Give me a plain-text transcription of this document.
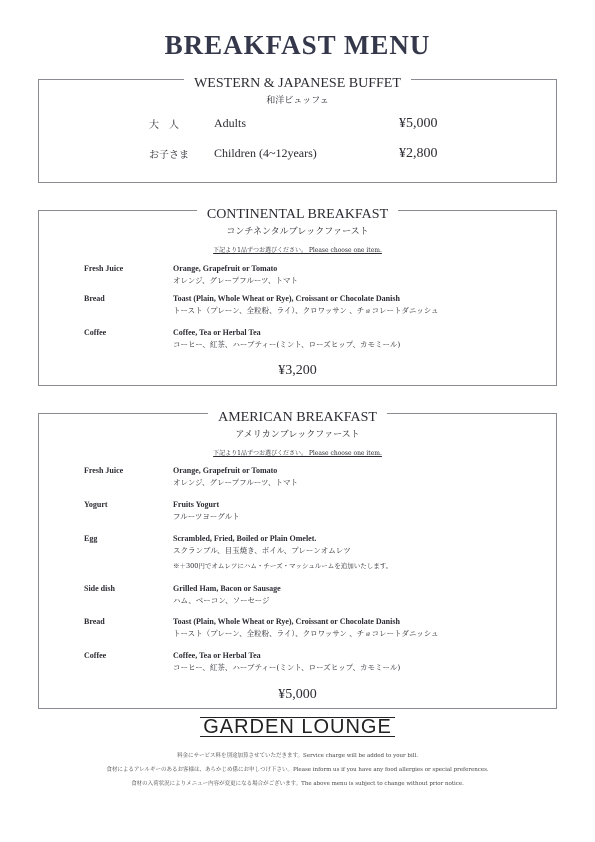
BREAKFAST MENU
WESTERN & JAPANESE BUFFET
和洋ビュッフェ
大　人	Adults	¥5,000
お子さま Children (4~12years)	¥2,800
CONTINENTAL BREAKFAST
コンチネンタルブレックファースト
下記より1品ずつお選びください。 Please choose one item.
Fresh Juice	Orange, Grapefruit or Tomato
オレンジ、グレープフルーツ、トマト
Bread	Toast (Plain, Whole Wheat or Rye), Croissant or Chocolate Danish
トースト（プレーン、全粒粉、ライ）、クロワッサン 、チョコレートダニッシュ
Coffee	Coffee, Tea or Herbal Tea
コーヒー、紅茶、ハーブティー(ミント、ローズヒップ、カモミール)
¥3,200
AMERICAN BREAKFAST
アメリカンブレックファースト
下記より1品ずつお選びください。 Please choose one item.
Fresh Juice	Orange, Grapefruit or Tomato
オレンジ、グレープフルーツ、トマト
Yogurt	Fruits Yogurt
フルーツヨーグルト
Egg	Scrambled, Fried, Boiled or Plain Omelet.
スクランブル、目玉焼き、ボイル、プレーンオムレツ
※＋300円でオムレツにハム・チーズ・マッシュルームを追加いたします。
Side dish	Grilled Ham, Bacon or Sausage
ハム、ベーコン、ソーセージ
Bread	Toast (Plain, Whole Wheat or Rye), Croissant or Chocolate Danish
トースト（プレーン、全粒粉、ライ）、クロワッサン 、チョコレートダニッシュ
Coffee	Coffee, Tea or Herbal Tea
コーヒー、紅茶、ハーブティー(ミント、ローズヒップ、カモミール)
¥5,000
GARDEN LOUNGE
料金にサービス料を別途加算させていただきます。Service charge will be added to your bill.
食材によるアレルギーのあるお客様は、あらかじめ係にお申しつけ下さい。Please inform us if you have any food allergies or special preferences.
食材の入荷状況によりメニュー内容が変更になる場合がございます。The above menu is subject to change without prior notice.
